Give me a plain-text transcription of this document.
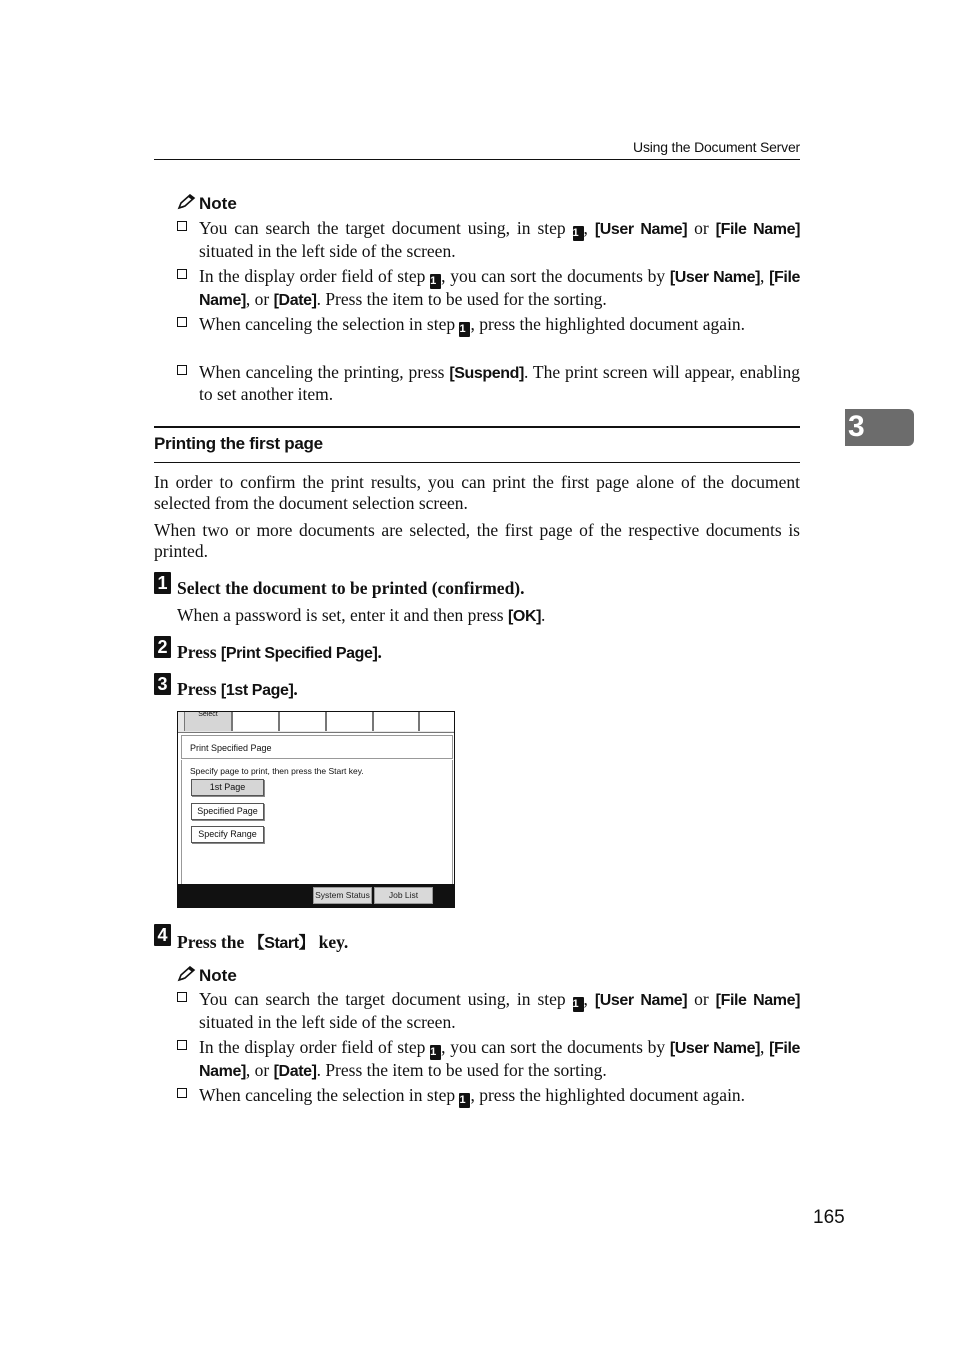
Using the Document Server
3
Note
You can search the target document using, in step 1 , [User Name] or [File Name] situated in the left side of the screen.
In the display order field of step 1 , you can sort the documents by [User Name], [File Name], or [Date]. Press the item to be used for the sorting.
When canceling the selection in step 1 , press the highlighted document again.
When canceling the printing, press [Suspend]. The print screen will appear, enabling to set another item.
Printing the first page
In order to confirm the print results, you can print the first page alone of the document selected from the document selection screen.
When two or more documents are selected, the first page of the respective documents is printed.
1 Select the document to be printed (confirmed).
When a password is set, enter it and then press [OK].
2 Press [Print Specified Page].
3 Press [1st Page].
Select
Print Specified Page
Specify page to print, then press the Start key.
1st Page
Specified Page
Specify Range
System Status	Job List
4 Press the 【Start】 key.
Note
You can search the target document using, in step 1 , [User Name] or [File Name] situated in the left side of the screen.
In the display order field of step 1 , you can sort the documents by [User Name], [File Name], or [Date]. Press the item to be used for the sorting.
When canceling the selection in step 1 , press the highlighted document again.
165
